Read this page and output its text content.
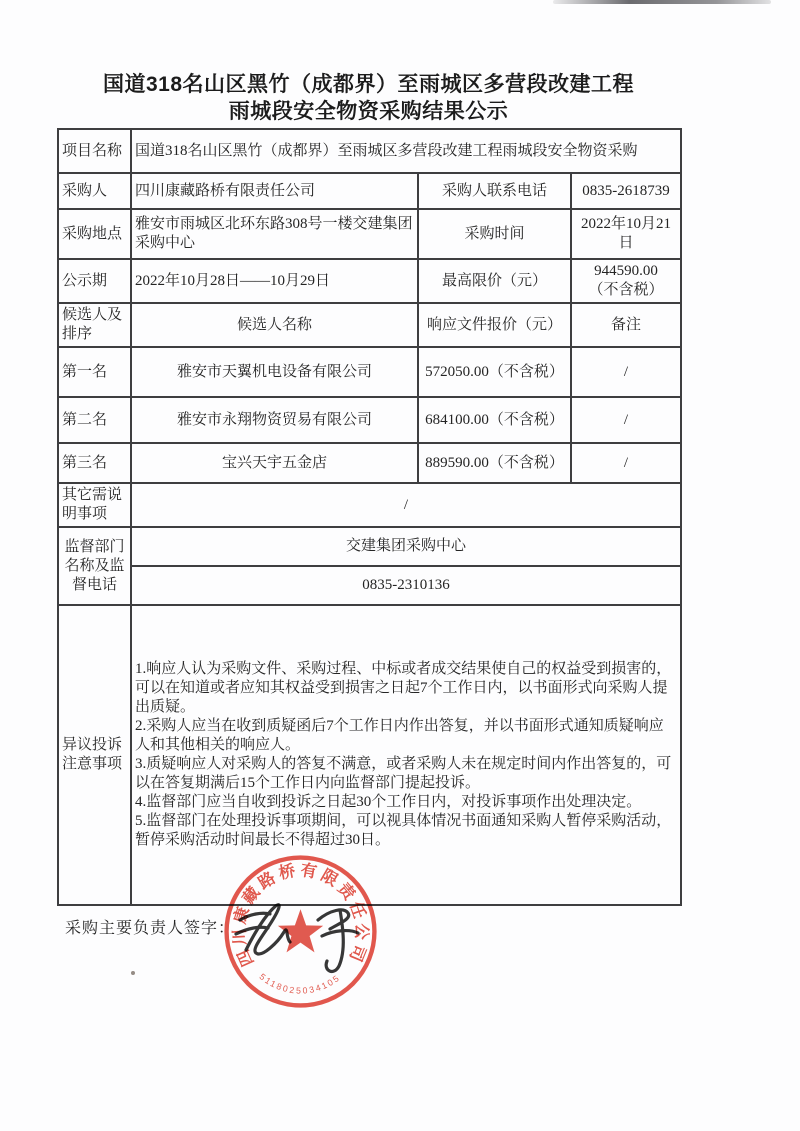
国道318名山区黑竹（成都界）至雨城区多营段改建工程
雨城段安全物资采购结果公示
项目名称	国道318名山区黑竹（成都界）至雨城区多营段改建工程雨城段安全物资采购		
采购人	四川康藏路桥有限责任公司	采购人联系电话	0835-2618739
采购地点	雅安市雨城区北环东路308号一楼交建集团采购中心	采购时间	2022年10月21日
公示期	2022年10月28日——10月29日	最高限价（元）	944590.00
（不含税）

候选人及排序	候选人名称	响应文件报价（元）	备注
第一名	雅安市天翼机电设备有限公司	572050.00（不含税）	/
第二名	雅安市永翔物资贸易有限公司	684100.00（不含税）	/
第三名	宝兴天宇五金店	889590.00（不含税）	/
其它需说明事项	/		
监督部门名称及监督电话	交建集团采购中心		
	0835-2310136		
异议投诉注意事项	1.响应人认为采购文件、采购过程、中标或者成交结果使自己的权益受到损害的，可以在知道或者应知其权益受到损害之日起7个工作日内，以书面形式向采购人提出质疑。
2.采购人应当在收到质疑函后7个工作日内作出答复，并以书面形式通知质疑响应人和其他相关的响应人。
3.质疑响应人对采购人的答复不满意，或者采购人未在规定时间内作出答复的，可以在答复期满后15个工作日内向监督部门提起投诉。
4.监督部门应当自收到投诉之日起30个工作日内，对投诉事项作出处理决定。
5.监督部门在处理投诉事项期间，可以视具体情况书面通知采购人暂停采购活动，暂停采购活动时间最长不得超过30日。		
采购主要负责人签字：
四川康藏路桥有限责任公司
5118025034105
